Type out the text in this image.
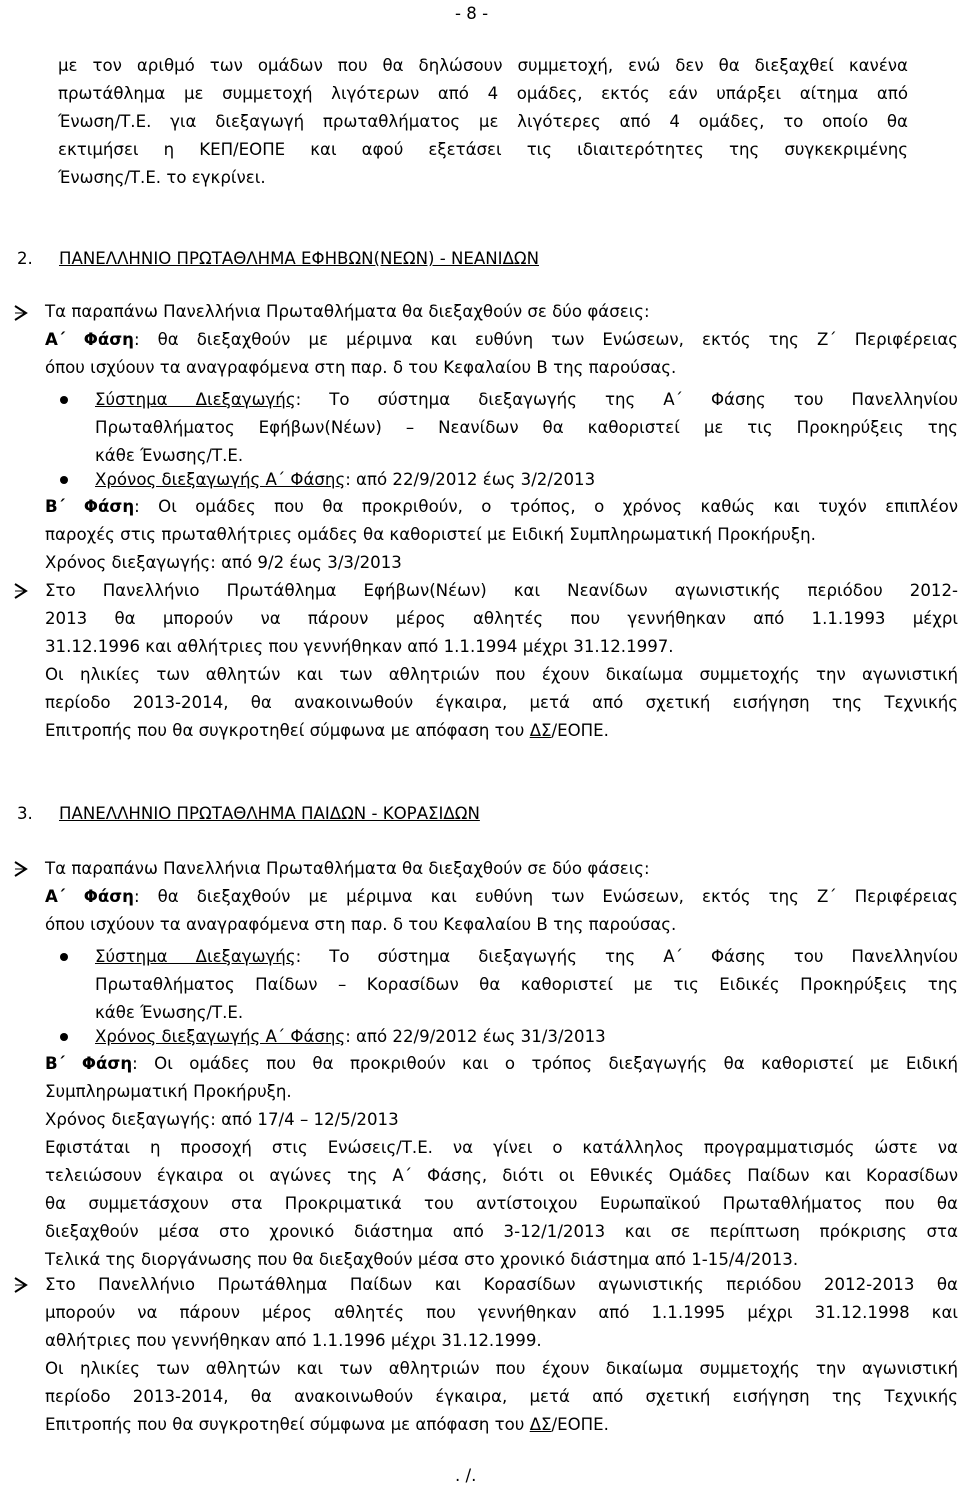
- 8 -
με τον αριθμό των ομάδων που θα δηλώσουν συμμετοχή, ενώ δεν θα διεξαχθεί κανένα
πρωτάθλημα με συμμετοχή λιγότερων από 4 ομάδες, εκτός εάν υπάρξει αίτημα από
Ένωση/Τ.Ε. για διεξαγωγή πρωταθλήματος με λιγότερες από 4 ομάδες, το οποίο θα
εκτιμήσει η ΚΕΠ/ΕΟΠΕ και αφού εξετάσει τις ιδιαιτερότητες της συγκεκριμένης
Ένωσης/Τ.Ε. το εγκρίνει.
2. ΠΑΝΕΛΛΗΝΙΟ ΠΡΩΤΑΘΛΗΜΑ ΕΦΗΒΩΝ(ΝΕΩΝ) - ΝΕΑΝΙΔΩΝ
Τα παραπάνω Πανελλήνια Πρωταθλήματα θα διεξαχθούν σε δύο φάσεις:
Α΄ Φάση: θα διεξαχθούν με μέριμνα και ευθύνη των Ενώσεων, εκτός της Ζ΄ Περιφέρειας
όπου ισχύουν τα αναγραφόμενα στη παρ. δ του Κεφαλαίου Β της παρούσας.
Σύστημα Διεξαγωγής: Το σύστημα διεξαγωγής της Α΄ Φάσης του Πανελληνίου
Πρωταθλήματος Εφήβων(Νέων) – Νεανίδων θα καθοριστεί με τις Προκηρύξεις της
κάθε Ένωσης/Τ.Ε.
Χρόνος διεξαγωγής Α΄ Φάσης: από 22/9/2012 έως 3/2/2013
Β΄ Φάση: Οι ομάδες που θα προκριθούν, ο τρόπος, ο χρόνος καθώς και τυχόν επιπλέον
παροχές στις πρωταθλήτριες ομάδες θα καθοριστεί με Ειδική Συμπληρωματική Προκήρυξη.
Χρόνος διεξαγωγής: από 9/2 έως 3/3/2013
Στο Πανελλήνιο Πρωτάθλημα Εφήβων(Νέων) και Νεανίδων αγωνιστικής περιόδου 2012-
2013 θα μπορούν να πάρουν μέρος αθλητές που γεννήθηκαν από 1.1.1993 μέχρι
31.12.1996 και αθλήτριες που γεννήθηκαν από 1.1.1994 μέχρι 31.12.1997.
Οι ηλικίες των αθλητών και των αθλητριών που έχουν δικαίωμα συμμετοχής την αγωνιστική
περίοδο 2013-2014, θα ανακοινωθούν έγκαιρα, μετά από σχετική εισήγηση της Τεχνικής
Επιτροπής που θα συγκροτηθεί σύμφωνα με απόφαση του ΔΣ/ΕΟΠΕ.
3. ΠΑΝΕΛΛΗΝΙΟ ΠΡΩΤΑΘΛΗΜΑ ΠΑΙΔΩΝ - ΚΟΡΑΣΙΔΩΝ
Τα παραπάνω Πανελλήνια Πρωταθλήματα θα διεξαχθούν σε δύο φάσεις:
Α΄ Φάση: θα διεξαχθούν με μέριμνα και ευθύνη των Ενώσεων, εκτός της Ζ΄ Περιφέρειας
όπου ισχύουν τα αναγραφόμενα στη παρ. δ του Κεφαλαίου Β της παρούσας.
Σύστημα Διεξαγωγής: Το σύστημα διεξαγωγής της Α΄ Φάσης του Πανελληνίου
Πρωταθλήματος Παίδων – Κορασίδων θα καθοριστεί με τις Ειδικές Προκηρύξεις της
κάθε Ένωσης/Τ.Ε.
Χρόνος διεξαγωγής Α΄ Φάσης: από 22/9/2012 έως 31/3/2013
Β΄ Φάση: Οι ομάδες που θα προκριθούν και ο τρόπος διεξαγωγής θα καθοριστεί με Ειδική
Συμπληρωματική Προκήρυξη.
Χρόνος διεξαγωγής: από 17/4 – 12/5/2013
Εφιστάται η προσοχή στις Ενώσεις/Τ.Ε. να γίνει ο κατάλληλος προγραμματισμός ώστε να
τελειώσουν έγκαιρα οι αγώνες της Α΄ Φάσης, διότι οι Εθνικές Ομάδες Παίδων και Κορασίδων
θα συμμετάσχουν στα Προκριματικά του αντίστοιχου Ευρωπαϊκού Πρωταθλήματος που θα
διεξαχθούν μέσα στο χρονικό διάστημα από 3-12/1/2013 και σε περίπτωση πρόκρισης στα
Τελικά της διοργάνωσης που θα διεξαχθούν μέσα στο χρονικό διάστημα από 1-15/4/2013.
Στο Πανελλήνιο Πρωτάθλημα Παίδων και Κορασίδων αγωνιστικής περιόδου 2012-2013 θα
μπορούν να πάρουν μέρος αθλητές που γεννήθηκαν από 1.1.1995 μέχρι 31.12.1998 και
αθλήτριες που γεννήθηκαν από 1.1.1996 μέχρι 31.12.1999.
Οι ηλικίες των αθλητών και των αθλητριών που έχουν δικαίωμα συμμετοχής την αγωνιστική
περίοδο 2013-2014, θα ανακοινωθούν έγκαιρα, μετά από σχετική εισήγηση της Τεχνικής
Επιτροπής που θα συγκροτηθεί σύμφωνα με απόφαση του ΔΣ/ΕΟΠΕ.
. /.
